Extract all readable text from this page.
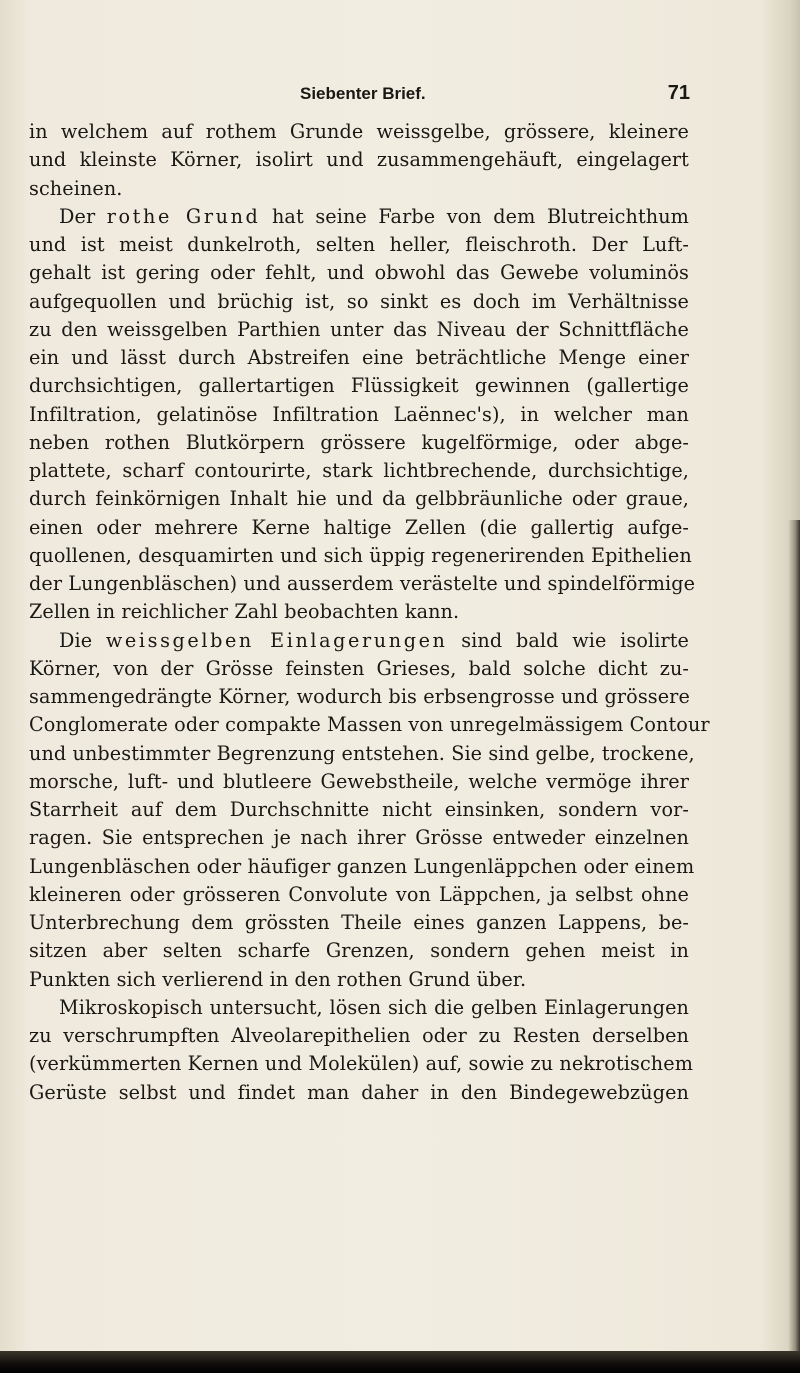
Siebenter Brief.	71
in welchem auf rothem Grunde weissgelbe, grössere, kleinere
und kleinste Körner, isolirt und zusammengehäuft, eingelagert
scheinen.
Der rothe Grund hat seine Farbe von dem Blutreichthum
und ist meist dunkelroth, selten heller, fleischroth. Der Luft-
gehalt ist gering oder fehlt, und obwohl das Gewebe voluminös
aufgequollen und brüchig ist, so sinkt es doch im Verhältnisse
zu den weissgelben Parthien unter das Niveau der Schnittfläche
ein und lässt durch Abstreifen eine beträchtliche Menge einer
durchsichtigen, gallertartigen Flüssigkeit gewinnen (gallertige
Infiltration, gelatinöse Infiltration Laënnec's), in welcher man
neben rothen Blutkörpern grössere kugelförmige, oder abge-
plattete, scharf contourirte, stark lichtbrechende, durchsichtige,
durch feinkörnigen Inhalt hie und da gelbbräunliche oder graue,
einen oder mehrere Kerne haltige Zellen (die gallertig aufge-
quollenen, desquamirten und sich üppig regenerirenden Epithelien
der Lungenbläschen) und ausserdem verästelte und spindelförmige
Zellen in reichlicher Zahl beobachten kann.
Die weissgelben Einlagerungen sind bald wie isolirte
Körner, von der Grösse feinsten Grieses, bald solche dicht zu-
sammengedrängte Körner, wodurch bis erbsengrosse und grössere
Conglomerate oder compakte Massen von unregelmässigem Contour
und unbestimmter Begrenzung entstehen. Sie sind gelbe, trockene,
morsche, luft- und blutleere Gewebstheile, welche vermöge ihrer
Starrheit auf dem Durchschnitte nicht einsinken, sondern vor-
ragen. Sie entsprechen je nach ihrer Grösse entweder einzelnen
Lungenbläschen oder häufiger ganzen Lungenläppchen oder einem
kleineren oder grösseren Convolute von Läppchen, ja selbst ohne
Unterbrechung dem grössten Theile eines ganzen Lappens, be-
sitzen aber selten scharfe Grenzen, sondern gehen meist in
Punkten sich verlierend in den rothen Grund über.
Mikroskopisch untersucht, lösen sich die gelben Einlagerungen
zu verschrumpften Alveolarepithelien oder zu Resten derselben
(verkümmerten Kernen und Molekülen) auf, sowie zu nekrotischem
Gerüste selbst und findet man daher in den Bindegewebzügen
